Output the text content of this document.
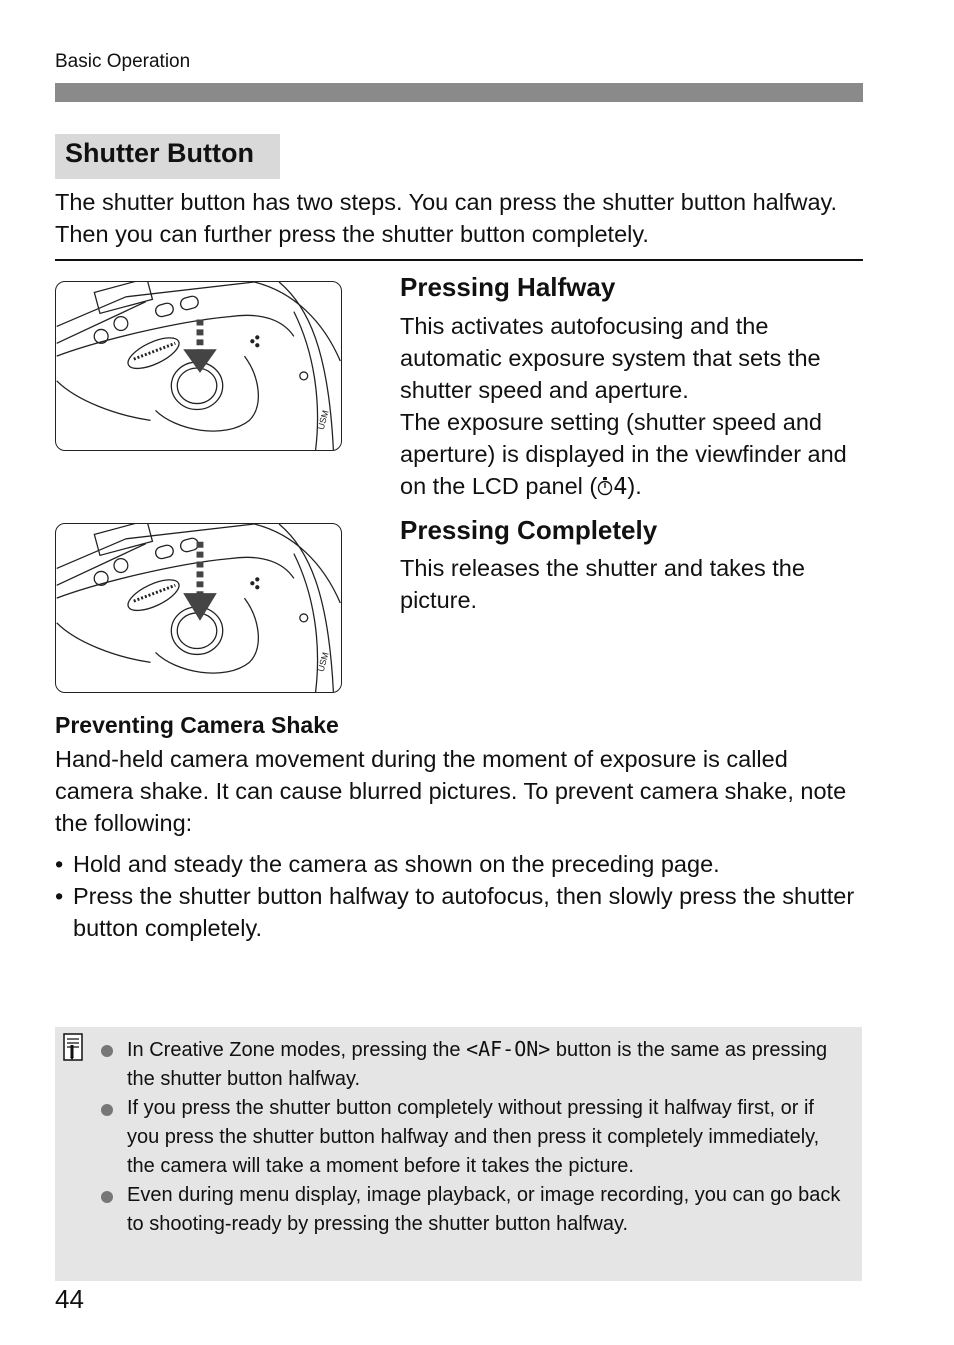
Basic Operation
Shutter Button
The shutter button has two steps. You can press the shutter button halfway. Then you can further press the shutter button completely.
USM
Pressing Halfway
This activates autofocusing and the automatic exposure system that sets the shutter speed and aperture.
The exposure setting (shutter speed and aperture) is displayed in the viewfinder and on the LCD panel ( 4).
USM
Pressing Completely
This releases the shutter and takes the picture.
Preventing Camera Shake
Hand-held camera movement during the moment of exposure is called camera shake. It can cause blurred pictures. To prevent camera shake, note the following:
• Hold and steady the camera as shown on the preceding page.
• Press the shutter button halfway to autofocus, then slowly press the shutter button completely.
In Creative Zone modes, pressing the <AF-ON> button is the same as pressing the shutter button halfway.
If you press the shutter button completely without pressing it halfway first, or if you press the shutter button halfway and then press it completely immediately, the camera will take a moment before it takes the picture.
Even during menu display, image playback, or image recording, you can go back to shooting-ready by pressing the shutter button halfway.
44
